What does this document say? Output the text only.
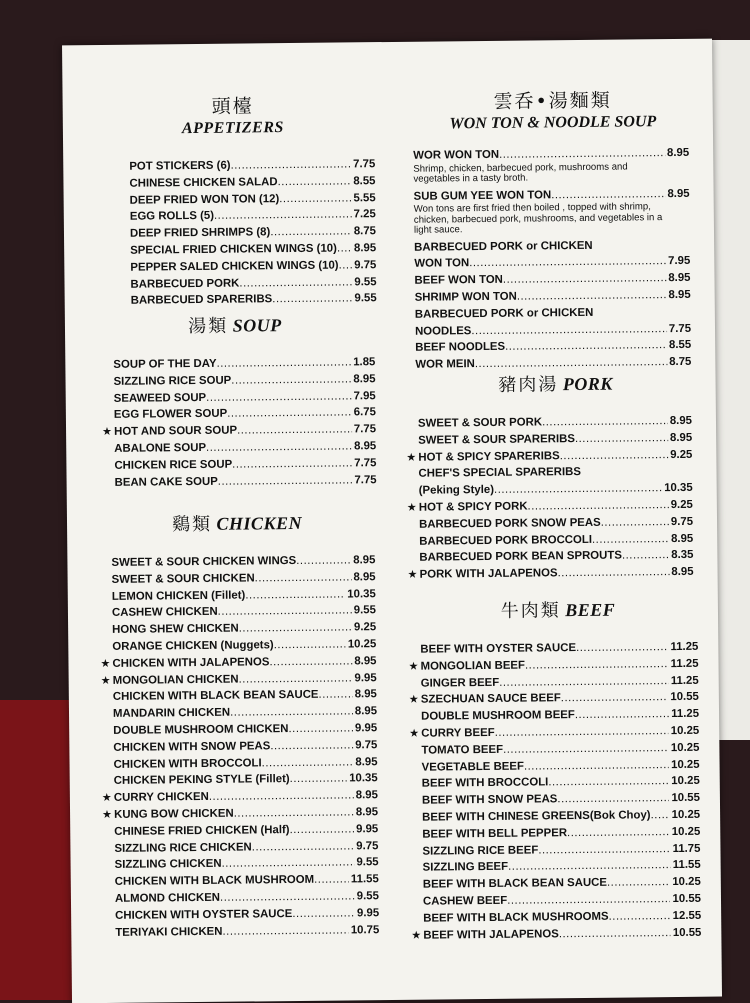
頭檯
APPETIZERS
POT STICKERS (6) .....	7.75
CHINESE CHICKEN SALAD .....	8.55
DEEP FRIED WON TON (12) .....	5.55
EGG ROLLS (5) .....	7.25
DEEP FRIED SHRIMPS (8) .....	8.75
SPECIAL FRIED CHICKEN WINGS (10) ..... 8.95
PEPPER SALED CHICKEN WINGS (10) ..... 9.75
BARBECUED PORK .....	9.55
BARBECUED SPARERIBS .....	9.55
湯類 SOUP
SOUP OF THE DAY .....	1.85
SIZZLING RICE SOUP .....	8.95
SEAWEED SOUP .....	7.95
EGG FLOWER SOUP .....	6.75
★ HOT AND SOUR SOUP .....	7.75
ABALONE SOUP .....	8.95
CHICKEN RICE SOUP .....	7.75
BEAN CAKE SOUP .....	7.75
鷄類 CHICKEN
SWEET & SOUR CHICKEN WINGS .....	8.95
SWEET & SOUR CHICKEN .....	8.95
LEMON CHICKEN (Fillet) .....	10.35
CASHEW CHICKEN .....	9.55
HONG SHEW CHICKEN .....	9.25
ORANGE CHICKEN (Nuggets) .....	10.25
★ CHICKEN WITH JALAPENOS .....	8.95
★ MONGOLIAN CHICKEN .....	9.95
CHICKEN WITH BLACK BEAN SAUCE .....	8.95
MANDARIN CHICKEN .....	8.95
DOUBLE MUSHROOM CHICKEN .....	9.95
CHICKEN WITH SNOW PEAS .....	9.75
CHICKEN WITH BROCCOLI .....	8.95
CHICKEN PEKING STYLE (Fillet) .....	10.35
★ CURRY CHICKEN .....	8.95
★ KUNG BOW CHICKEN .....	8.95
CHINESE FRIED CHICKEN (Half) .....	9.95
SIZZLING RICE CHICKEN .....	9.75
SIZZLING CHICKEN .....	9.55
CHICKEN WITH BLACK MUSHROOM .....	11.55
ALMOND CHICKEN .....	9.55
CHICKEN WITH OYSTER SAUCE .....	9.95
TERIYAKI CHICKEN .....	10.75
雲呑•湯麵類
WON TON & NOODLE SOUP
WOR WON TON .....	8.95
Shrimp, chicken, barbecued pork, mushrooms and vegetables in a tasty broth.
SUB GUM YEE WON TON .....	8.95
Won tons are first fried then boiled , topped with shrimp, chicken, barbecued pork, mushrooms, and vegetables in a light sauce.
BARBECUED PORK or CHICKEN
WON TON .....	7.95
BEEF WON TON .....	8.95
SHRIMP WON TON .....	8.95
BARBECUED PORK or CHICKEN
NOODLES .....	7.75
BEEF NOODLES .....	8.55
WOR MEIN .....	8.75
豬肉湯 PORK
SWEET & SOUR PORK .....	8.95
SWEET & SOUR SPARERIBS .....	8.95
★ HOT & SPICY SPARERIBS .....	9.25
CHEF'S SPECIAL SPARERIBS
(Peking Style) .....	10.35
★ HOT & SPICY PORK .....	9.25
BARBECUED PORK SNOW PEAS .....	9.75
BARBECUED PORK BROCCOLI .....	8.95
BARBECUED PORK BEAN SPROUTS .....	8.35
★ PORK WITH JALAPENOS .....	8.95
牛肉類 BEEF
BEEF WITH OYSTER SAUCE .....	11.25
★ MONGOLIAN BEEF .....	11.25
GINGER BEEF .....	11.25
★ SZECHUAN SAUCE BEEF .....	10.55
DOUBLE MUSHROOM BEEF .....	11.25
★ CURRY BEEF .....	10.25
TOMATO BEEF .....	10.25
VEGETABLE BEEF .....	10.25
BEEF WITH BROCCOLI .....	10.25
BEEF WITH SNOW PEAS .....	10.55
BEEF WITH CHINESE GREENS(Bok Choy) ..... 10.25
BEEF WITH BELL PEPPER .....	10.25
SIZZLING RICE BEEF .....	11.75
SIZZLING BEEF .....	11.55
BEEF WITH BLACK BEAN SAUCE .....	10.25
CASHEW BEEF .....	10.55
BEEF WITH BLACK MUSHROOMS .....	12.55
★ BEEF WITH JALAPENOS .....	10.55
